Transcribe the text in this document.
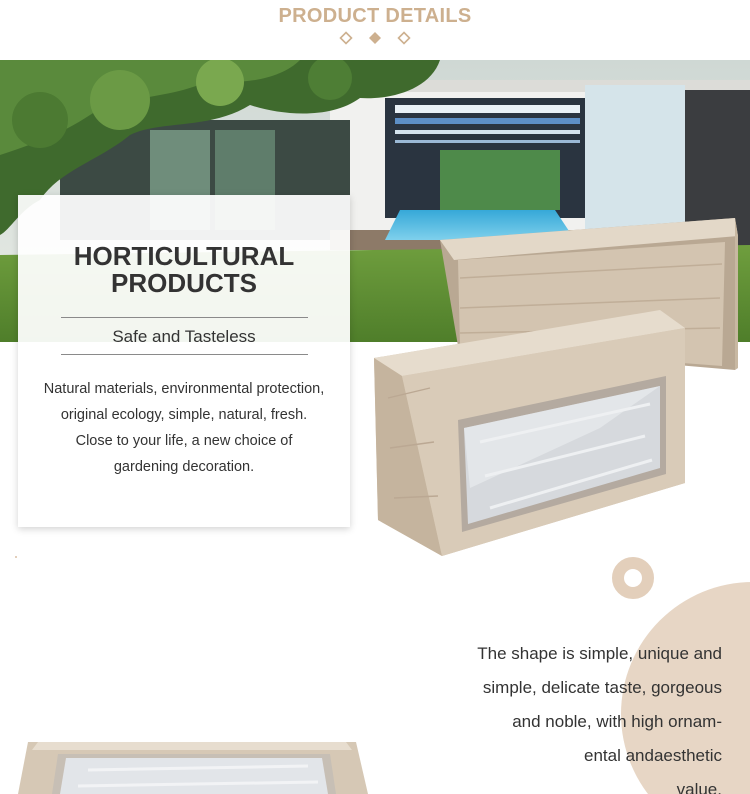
PRODUCT DETAILS
HORTICULTURAL
PRODUCTS
Safe and Tasteless
Natural materials, environmental protection,
original ecology, simple, natural, fresh.
Close to your life, a new choice of
gardening decoration.
The shape is simple, unique and
simple, delicate taste, gorgeous
and noble, with high ornam-
ental andaesthetic
value.
